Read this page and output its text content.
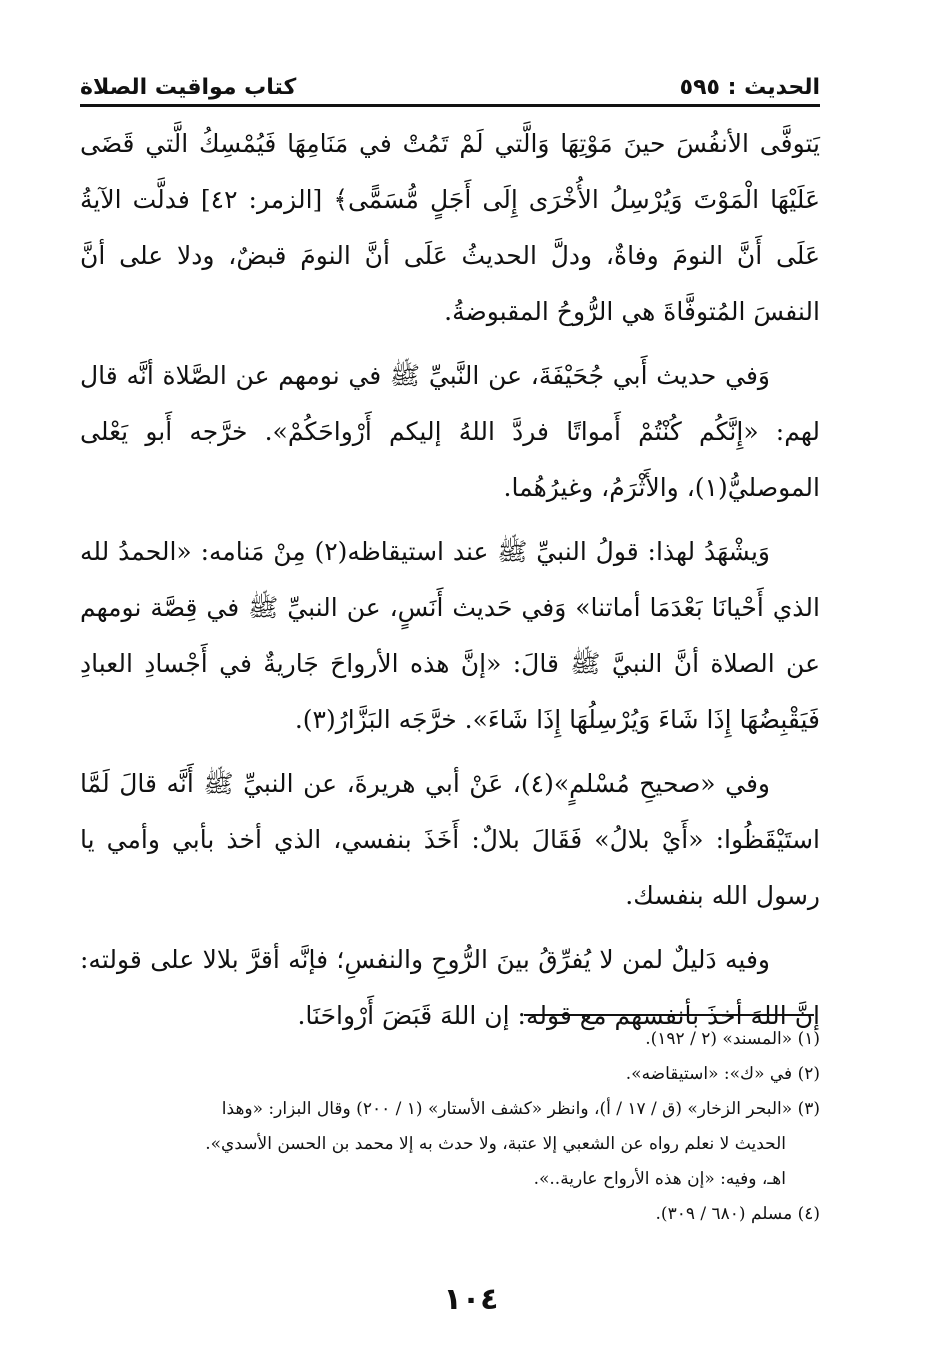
الحديث : ٥٩٥
كتاب مواقيت الصلاة

يَتوفَّى الأنفُسَ حينَ مَوْتِهَا وَالَّتي لَمْ تَمُتْ في مَنَامِهَا فَيُمْسِكُ الَّتي قَضَى عَلَيْهَا الْمَوْتَ وَيُرْسِلُ الأُخْرَى إِلَى أَجَلٍ مُّسَمًّى﴾ [الزمر: ٤٢] فدلَّت الآيةُ عَلَى أَنَّ النومَ وفاةٌ، ودلَّ الحديثُ عَلَى أنَّ النومَ قبضٌ، ودلا على أنَّ النفسَ المُتوفَّاةَ هي الرُّوحُ المقبوضةُ.

وَفي حديث أَبي جُحَيْفَةَ، عن النَّبيِّ ﷺ في نومهم عن الصَّلاة أنَّه قال لهم: «إِنَّكُم كُنْتُمْ أَمواتًا فردَّ اللهُ إليكم أَرْواحَكُمْ». خرَّجه أَبو يَعْلى الموصليُّ(١)، والأَثْرَمُ، وغيرُهُما.

وَيشْهَدُ لهذا: قولُ النبيِّ ﷺ عند استيقاظه(٢) مِنْ مَنامه: «الحمدُ لله الذي أَحْيانَا بَعْدَمَا أماتنا» وَفي حَديث أَنَسٍ، عن النبيِّ ﷺ في قِصَّة نومهم عن الصلاة أنَّ النبيَّ ﷺ قالَ: «إنَّ هذه الأرواحَ جَاريةٌ في أَجْسادِ العبادِ فَيَقْبِضُهَا إِذَا شَاءَ وَيُرْسِلُهَا إِذَا شَاءَ». خرَّجَه البَزَّارُ(٣).

وفي «صحيحِ مُسْلمٍ»(٤)، عَنْ أبي هريرةَ، عن النبيِّ ﷺ أَنَّه قالَ لَمَّا استَيْقَظُوا: «أَيْ بلالُ» فَقَالَ بلالٌ: أَخَذَ بنفسي، الذي أخذ بأبي وأمي يا رسول الله بنفسك.

وفيه دَليلٌ لمن لا يُفرِّقُ بينَ الرُّوحِ والنفسِ؛ فإنَّه أقرَّ بلالا على قولته: إنَّ اللهَ أخذَ بأنفسهم مع قوله: إن اللهَ قَبَضَ أَرْواحَنَا.

(١) «المسند» (٢ / ١٩٢).

(٢) في «ك»: «استيقاضه».

(٣) «البحر الزخار» (ق / ١٧ / أ)، وانظر «كشف الأستار» (١ / ٢٠٠) وقال البزار: «وهذا

الحديث لا نعلم رواه عن الشعبي إلا عتبة، ولا حدث به إلا محمد بن الحسن الأسدي».

اهـ، وفيه: «إن هذه الأرواح عارية..».

(٤) مسلم (٦٨٠ / ٣٠٩).

١٠٤
